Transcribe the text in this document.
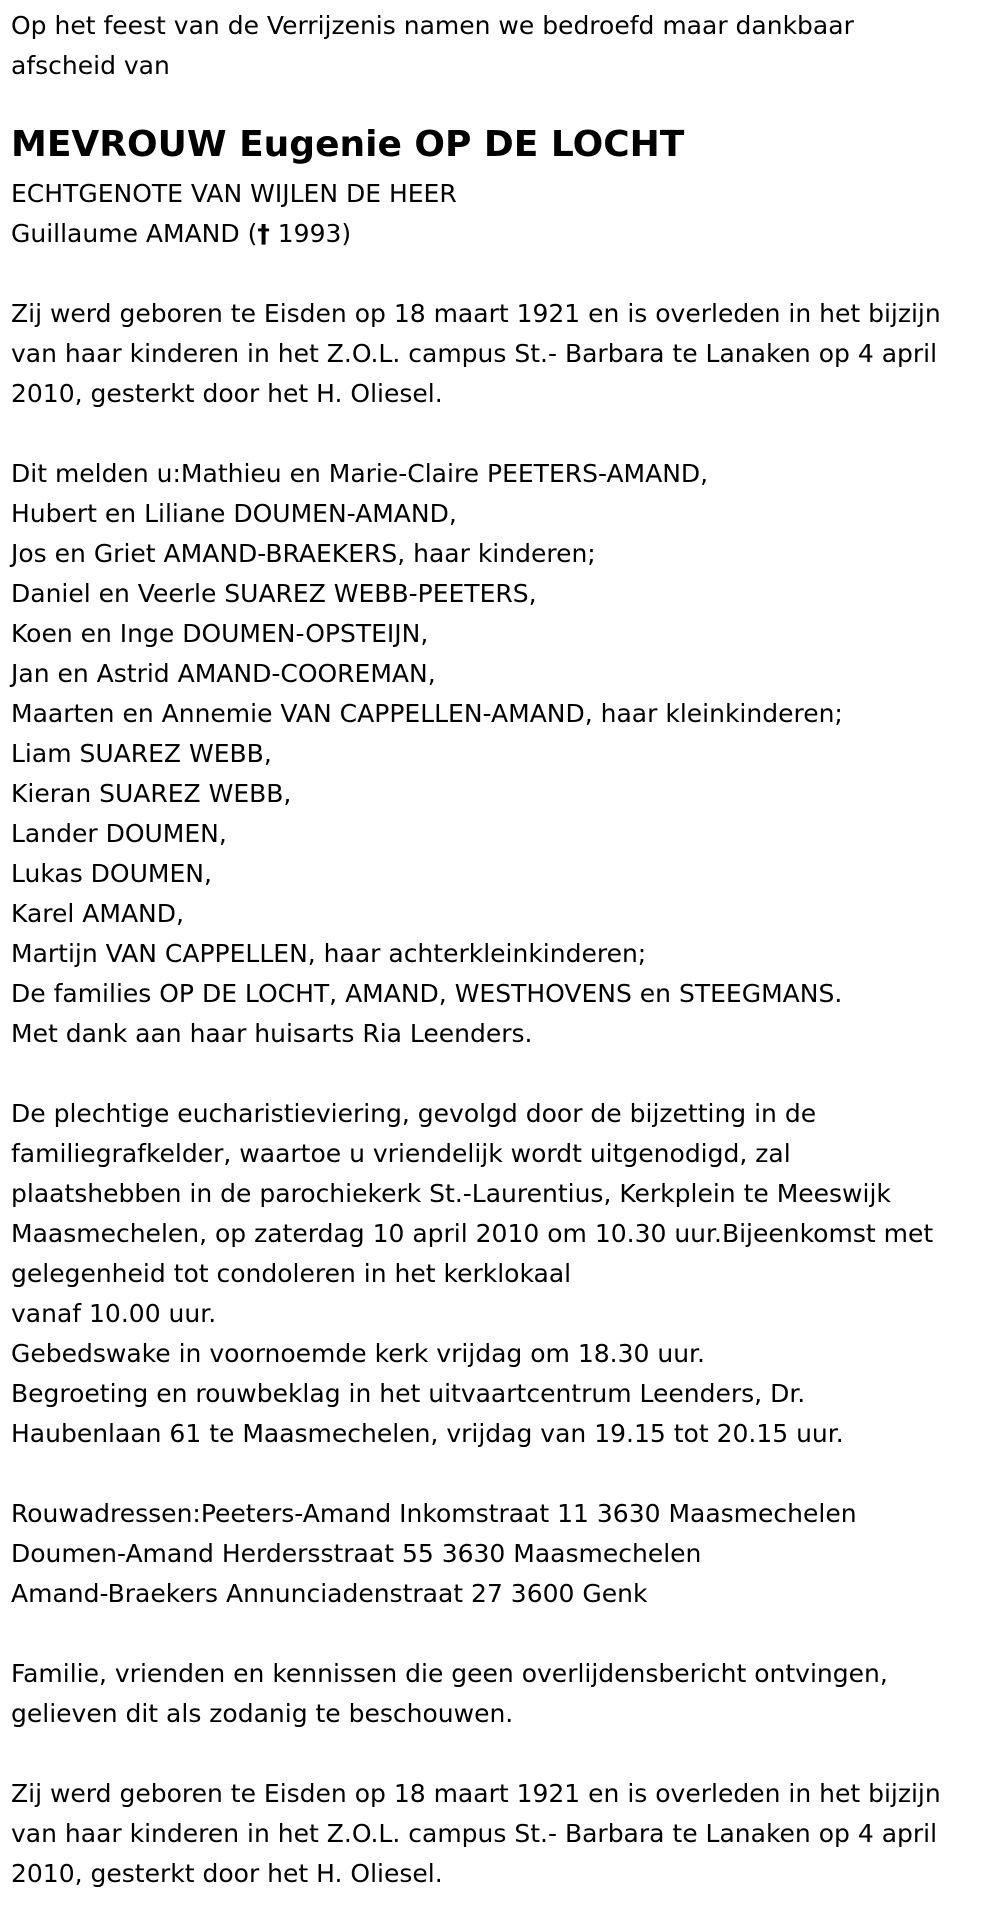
Op het feest van de Verrijzenis namen we bedroefd maar dankbaar
afscheid van

MEVROUW Eugenie OP DE LOCHT

ECHTGENOTE VAN WIJLEN DE HEER
Guillaume AMAND († 1993)

Zij werd geboren te Eisden op 18 maart 1921 en is overleden in het bijzijn
van haar kinderen in het Z.O.L. campus St.- Barbara te Lanaken op 4 april
2010, gesterkt door het H. Oliesel.

Dit melden u:Mathieu en Marie-Claire PEETERS-AMAND,
Hubert en Liliane DOUMEN-AMAND,
Jos en Griet AMAND-BRAEKERS, haar kinderen;
Daniel en Veerle SUAREZ WEBB-PEETERS,
Koen en Inge DOUMEN-OPSTEIJN,
Jan en Astrid AMAND-COOREMAN,
Maarten en Annemie VAN CAPPELLEN-AMAND, haar kleinkinderen;
Liam SUAREZ WEBB,
Kieran SUAREZ WEBB,
Lander DOUMEN,
Lukas DOUMEN,
Karel AMAND,
Martijn VAN CAPPELLEN, haar achterkleinkinderen;
De families OP DE LOCHT, AMAND, WESTHOVENS en STEEGMANS.
Met dank aan haar huisarts Ria Leenders.

De plechtige eucharistieviering, gevolgd door de bijzetting in de
familiegrafkelder, waartoe u vriendelijk wordt uitgenodigd, zal
plaatshebben in de parochiekerk St.-Laurentius, Kerkplein te Meeswijk
Maasmechelen, op zaterdag 10 april 2010 om 10.30 uur.Bijeenkomst met
gelegenheid tot condoleren in het kerklokaal
vanaf 10.00 uur.
Gebedswake in voornoemde kerk vrijdag om 18.30 uur.
Begroeting en rouwbeklag in het uitvaartcentrum Leenders, Dr.
Haubenlaan 61 te Maasmechelen, vrijdag van 19.15 tot 20.15 uur.

Rouwadressen:Peeters-Amand Inkomstraat 11 3630 Maasmechelen
Doumen-Amand Herdersstraat 55 3630 Maasmechelen
Amand-Braekers Annunciadenstraat 27 3600 Genk

Familie, vrienden en kennissen die geen overlijdensbericht ontvingen,
gelieven dit als zodanig te beschouwen.

Zij werd geboren te Eisden op 18 maart 1921 en is overleden in het bijzijn
van haar kinderen in het Z.O.L. campus St.- Barbara te Lanaken op 4 april
2010, gesterkt door het H. Oliesel.
